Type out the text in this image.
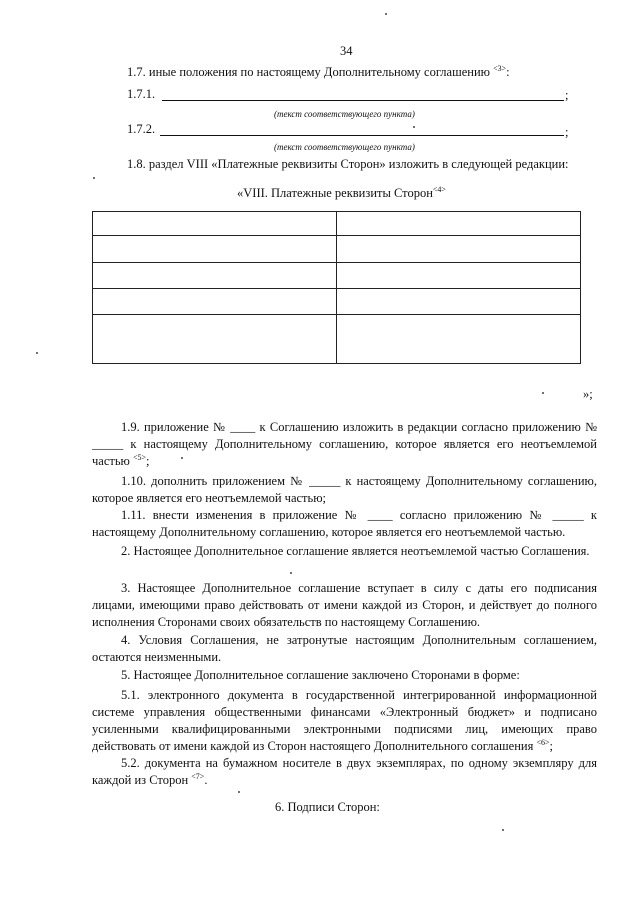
34
1.7. иные положения по настоящему Дополнительному соглашению $^{<3>}$:
1.7.1.	;
(текст соответствующего пункта)
1.7.2.	;
(текст соответствующего пункта)
1.8. раздел VIII «Платежные реквизиты Сторон» изложить в следующей редакции:
«VIII. Платежные реквизиты Сторон$^{<4>}$

»;
1.9. приложение № ____ к Соглашению изложить в редакции согласно приложению № _____ к настоящему Дополнительному соглашению, которое является его неотъемлемой частью $^{<5>}$;
1.10. дополнить приложением № _____ к настоящему Дополнительному соглашению, которое является его неотъемлемой частью;
1.11. внести изменения в приложение № ____ согласно приложению № _____ к настоящему Дополнительному соглашению, которое является его неотъемлемой частью.
2. Настоящее Дополнительное соглашение является неотъемлемой частью Соглашения.
3. Настоящее Дополнительное соглашение вступает в силу с даты его подписания лицами, имеющими право действовать от имени каждой из Сторон, и действует до полного исполнения Сторонами своих обязательств по настоящему Соглашению.
4. Условия Соглашения, не затронутые настоящим Дополнительным соглашением, остаются неизменными.
5. Настоящее Дополнительное соглашение заключено Сторонами в форме:
5.1. электронного документа в государственной интегрированной информационной системе управления общественными финансами «Электронный бюджет» и подписано усиленными квалифицированными электронными подписями лиц, имеющих право действовать от имени каждой из Сторон настоящего Дополнительного соглашения $^{<6>}$;
5.2. документа на бумажном носителе в двух экземплярах, по одному экземпляру для каждой из Сторон $^{<7>}$.
6. Подписи Сторон:
